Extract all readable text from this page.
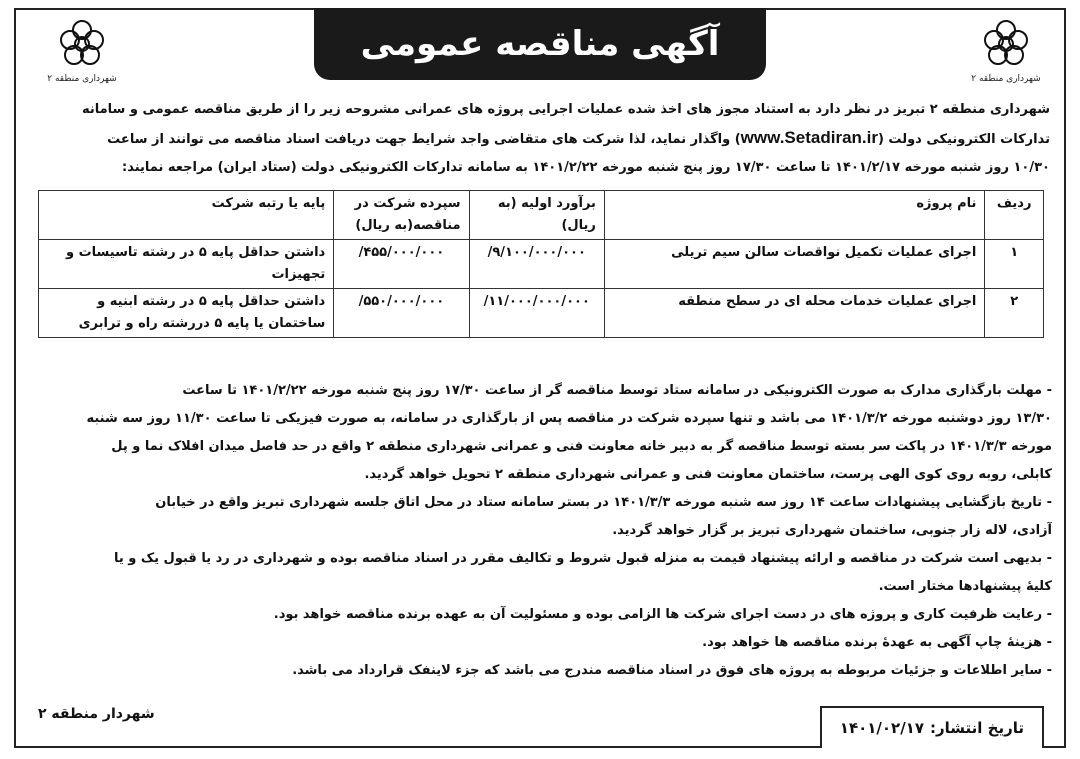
شهرداری منطقه ۲
آگهی مناقصه عمومی
شهرداری منطقه ۲
شهرداری منطقه ۲ تبریز در نظر دارد به استناد مجوز های اخذ شده عملیات اجرایی پروژه های عمرانی مشروحه زیر را از طریق مناقصه عمومی و سامانه
تدارکات الکترونیکی دولت (www.Setadiran.ir) واگذار نماید، لذا شرکت های متقاضی واجد شرایط جهت دریافت اسناد مناقصه می توانند از ساعت
۱۰/۳۰ روز شنبه مورخه ۱۴۰۱/۲/۱۷ تا ساعت ۱۷/۳۰ روز پنج شنبه مورخه ۱۴۰۱/۲/۲۲ به سامانه تدارکات الکترونیکی دولت (ستاد ایران) مراجعه نمایند:
ردیف	نام پروژه	برآورد اولیه (به ریال)	سپرده شرکت در مناقصه(به ریال)	پایه یا رتبه شرکت
۱	اجرای عملیات تکمیل نواقصات سالن سیم تریلی	۹/۱۰۰/۰۰۰/۰۰۰/	۴۵۵/۰۰۰/۰۰۰/	داشتن حداقل پایه ۵ در رشته تاسیسات و تجهیزات
۲	اجرای عملیات خدمات محله ای در سطح منطقه	۱۱/۰۰۰/۰۰۰/۰۰۰/	۵۵۰/۰۰۰/۰۰۰/	داشتن حداقل پایه ۵ در رشته ابنیه و ساختمان یا پایه ۵ دررشته راه و ترابری

- مهلت بارگذاری مدارک به صورت الکترونیکی در سامانه ستاد توسط مناقصه گر از ساعت ۱۷/۳۰ روز پنج شنبه مورخه ۱۴۰۱/۲/۲۲ تا ساعت

۱۳/۳۰ روز دوشنبه مورخه ۱۴۰۱/۳/۲ می باشد و تنها سپرده شرکت در مناقصه پس از بارگذاری در سامانه، به صورت فیزیکی تا ساعت ۱۱/۳۰ روز سه شنبه

مورخه ۱۴۰۱/۳/۳ در پاکت سر بسته توسط مناقصه گر به دبیر خانه معاونت فنی و عمرانی شهرداری منطقه ۲ واقع در حد فاصل میدان افلاک نما و پل

کابلی، روبه روی کوی الهی پرست، ساختمان معاونت فنی و عمرانی شهرداری منطقه ۲ تحویل خواهد گردید.

- تاریخ بازگشایی پیشنهادات ساعت ۱۴ روز سه شنبه مورخه ۱۴۰۱/۳/۳ در بستر سامانه ستاد در محل اتاق جلسه شهرداری تبریز واقع در خیابان

آزادی، لاله زار جنوبی، ساختمان شهرداری تبریز بر گزار خواهد گردید.

- بدیهی است شرکت در مناقصه و ارائه پیشنهاد قیمت به منزله قبول شروط و تکالیف مقرر در اسناد مناقصه بوده و شهرداری در رد یا قبول یک و یا

کلیۀ پیشنهادها مختار است.

- رعایت ظرفیت کاری و پروژه های در دست اجرای شرکت ها الزامی بوده و مسئولیت آن به عهده برنده مناقصه خواهد بود.

- هزینۀ چاپ آگهی به عهدۀ برنده مناقصه ها خواهد بود.

- سایر اطلاعات و جزئیات مربوطه به پروژه های فوق در اسناد مناقصه مندرج می باشد که جزء لاینفک قرارداد می باشد.

شهردار منطقه ۲
تاریخ انتشار:
۱۴۰۱/۰۲/۱۷
